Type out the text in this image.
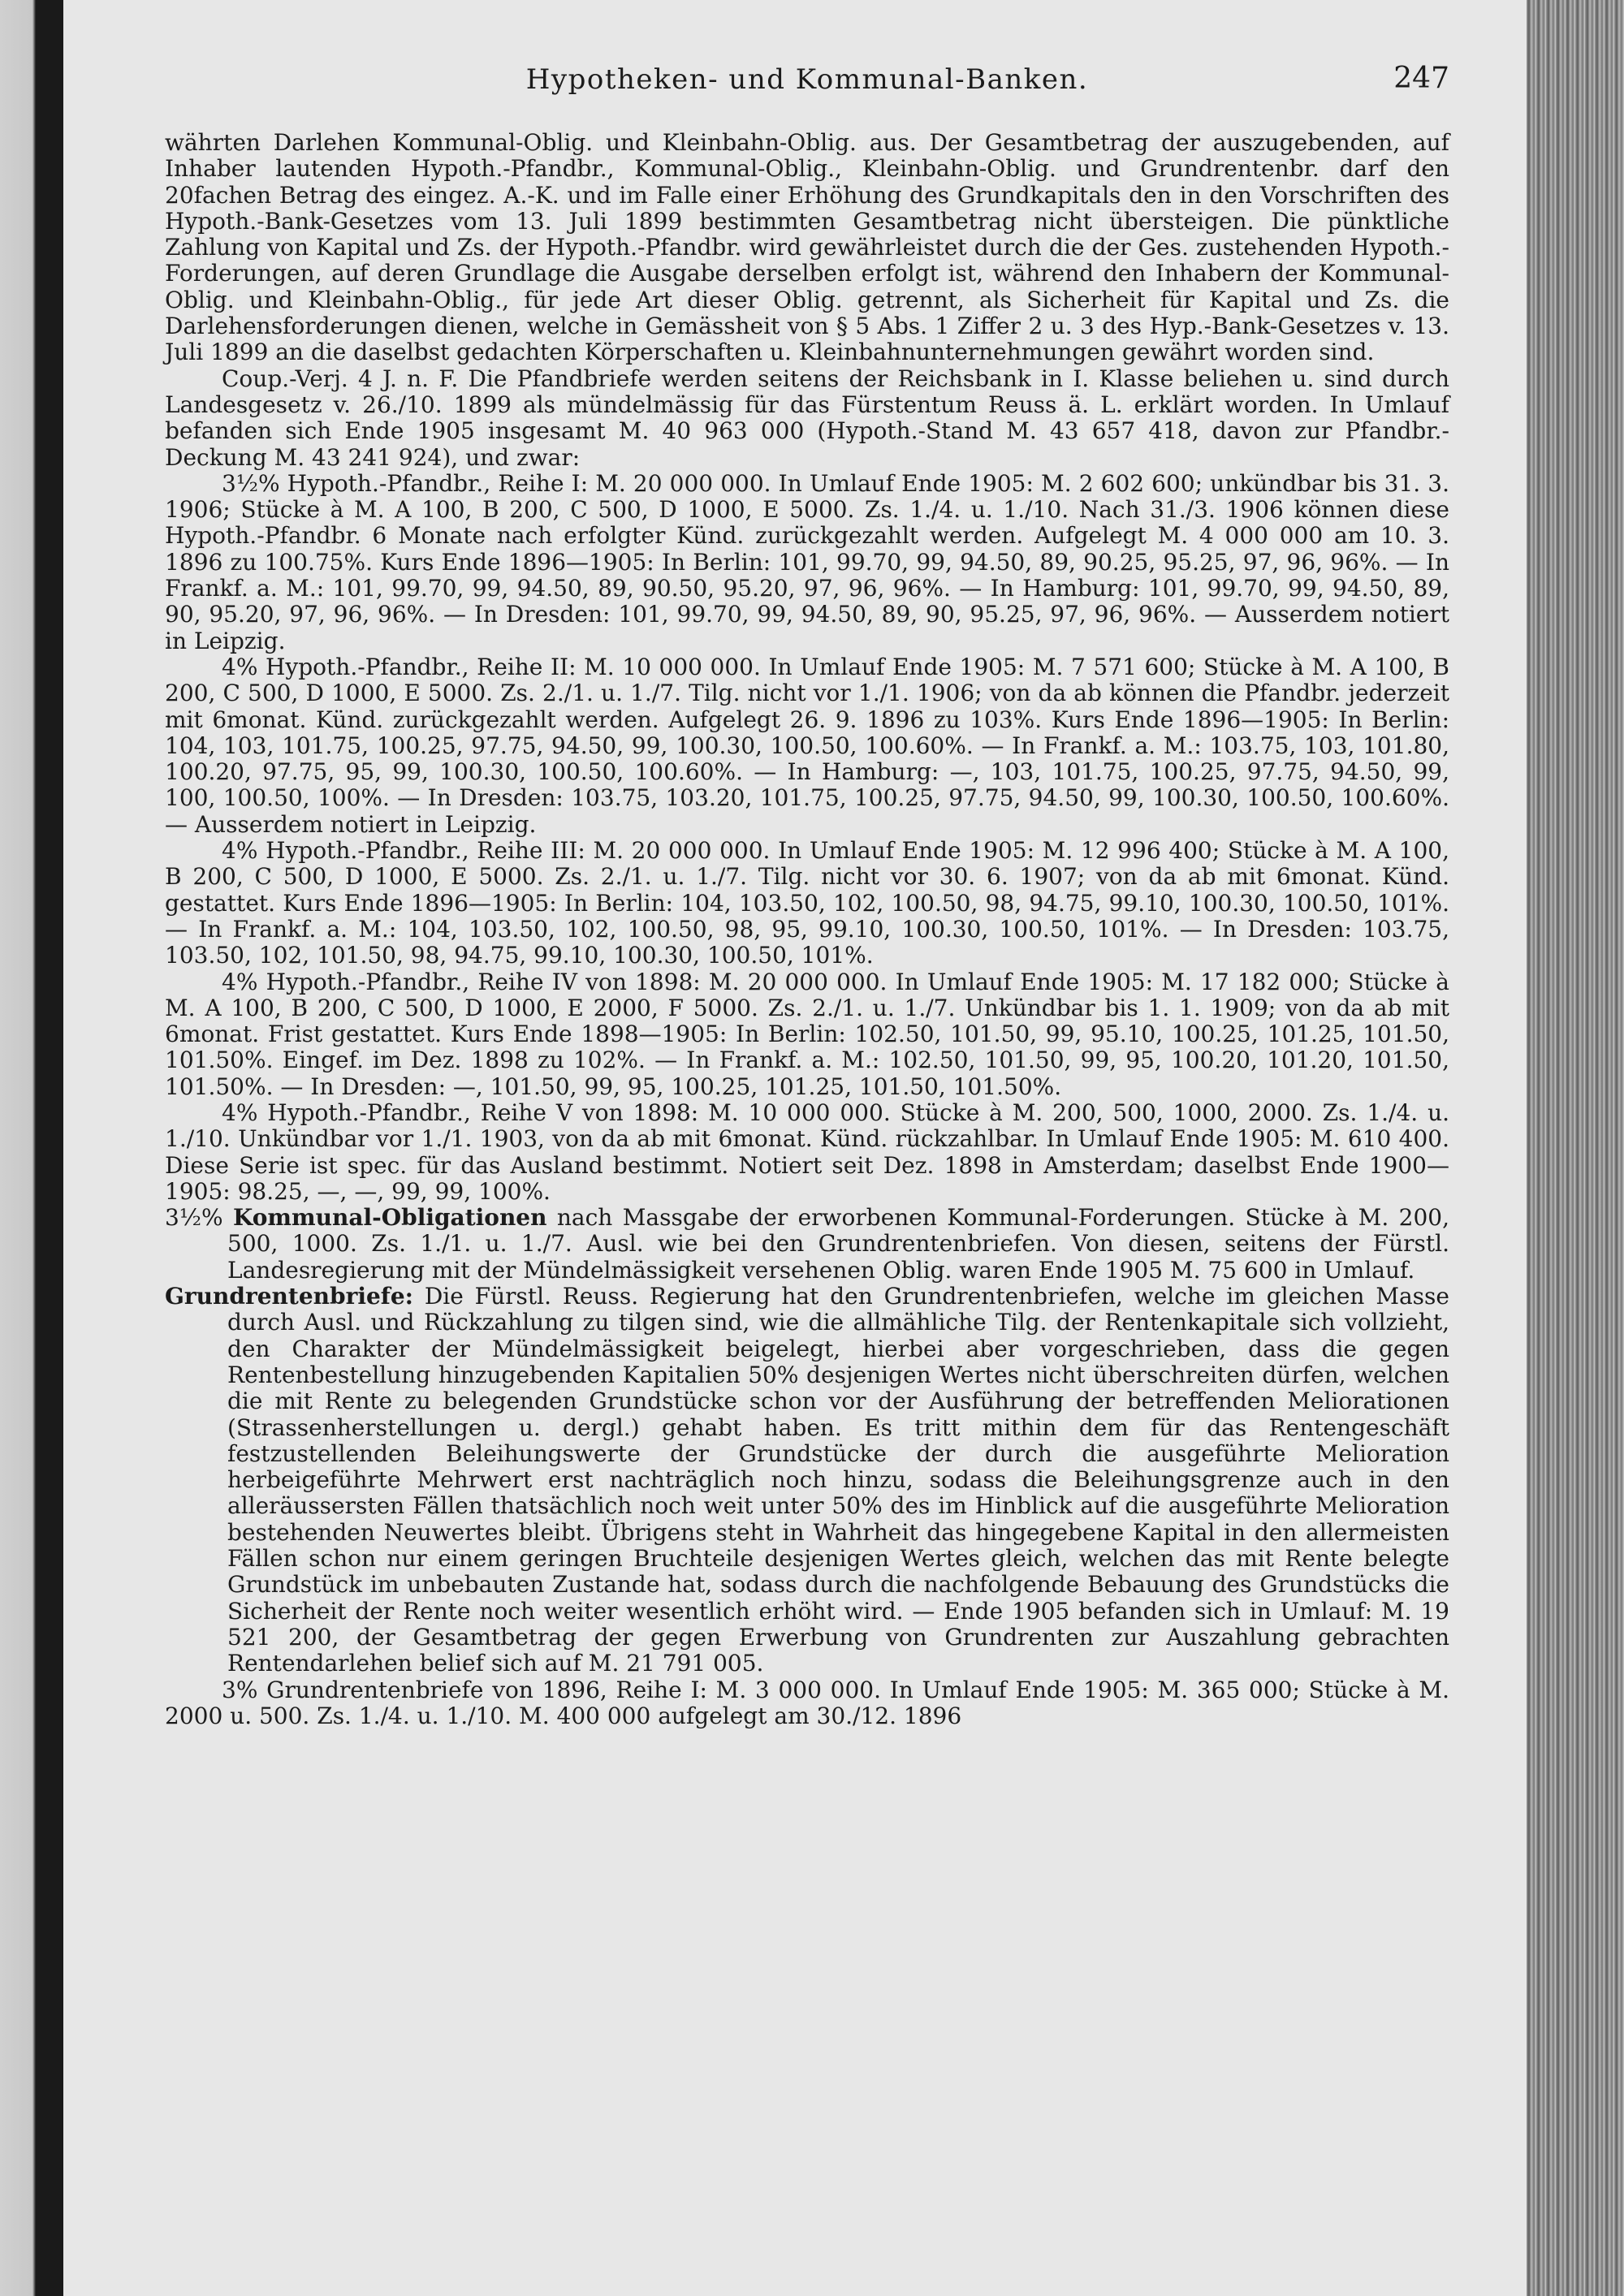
Hypotheken- und Kommunal-Banken.	247

währten Darlehen Kommunal-Oblig. und Kleinbahn-Oblig. aus. Der Gesamtbetrag der auszugebenden, auf Inhaber lautenden Hypoth.-Pfandbr., Kommunal-Oblig., Kleinbahn-Oblig. und Grundrentenbr. darf den 20fachen Betrag des eingez. A.-K. und im Falle einer Erhöhung des Grundkapitals den in den Vorschriften des Hypoth.-Bank-Gesetzes vom 13. Juli 1899 bestimmten Gesamtbetrag nicht übersteigen. Die pünktliche Zahlung von Kapital und Zs. der Hypoth.-Pfandbr. wird gewährleistet durch die der Ges. zustehenden Hypoth.-Forderungen, auf deren Grundlage die Ausgabe derselben erfolgt ist, während den Inhabern der Kommunal-Oblig. und Kleinbahn-Oblig., für jede Art dieser Oblig. getrennt, als Sicherheit für Kapital und Zs. die Darlehensforderungen dienen, welche in Gemässheit von § 5 Abs. 1 Ziffer 2 u. 3 des Hyp.-Bank-Gesetzes v. 13. Juli 1899 an die daselbst gedachten Körperschaften u. Kleinbahnunternehmungen gewährt worden sind.

Coup.-Verj. 4 J. n. F. Die Pfandbriefe werden seitens der Reichsbank in I. Klasse beliehen u. sind durch Landesgesetz v. 26./10. 1899 als mündelmässig für das Fürstentum Reuss ä. L. erklärt worden. In Umlauf befanden sich Ende 1905 insgesamt M. 40 963 000 (Hypoth.-Stand M. 43 657 418, davon zur Pfandbr.-Deckung M. 43 241 924), und zwar:

3½% Hypoth.-Pfandbr., Reihe I: M. 20 000 000. In Umlauf Ende 1905: M. 2 602 600; unkündbar bis 31. 3. 1906; Stücke à M. A 100, B 200, C 500, D 1000, E 5000. Zs. 1./4. u. 1./10. Nach 31./3. 1906 können diese Hypoth.-Pfandbr. 6 Monate nach erfolgter Künd. zurückgezahlt werden. Aufgelegt M. 4 000 000 am 10. 3. 1896 zu 100.75%. Kurs Ende 1896—1905: In Berlin: 101, 99.70, 99, 94.50, 89, 90.25, 95.25, 97, 96, 96%. — In Frankf. a. M.: 101, 99.70, 99, 94.50, 89, 90.50, 95.20, 97, 96, 96%. — In Hamburg: 101, 99.70, 99, 94.50, 89, 90, 95.20, 97, 96, 96%. — In Dresden: 101, 99.70, 99, 94.50, 89, 90, 95.25, 97, 96, 96%. — Ausserdem notiert in Leipzig.

4% Hypoth.-Pfandbr., Reihe II: M. 10 000 000. In Umlauf Ende 1905: M. 7 571 600; Stücke à M. A 100, B 200, C 500, D 1000, E 5000. Zs. 2./1. u. 1./7. Tilg. nicht vor 1./1. 1906; von da ab können die Pfandbr. jederzeit mit 6monat. Künd. zurückgezahlt werden. Aufgelegt 26. 9. 1896 zu 103%. Kurs Ende 1896—1905: In Berlin: 104, 103, 101.75, 100.25, 97.75, 94.50, 99, 100.30, 100.50, 100.60%. — In Frankf. a. M.: 103.75, 103, 101.80, 100.20, 97.75, 95, 99, 100.30, 100.50, 100.60%. — In Hamburg: —, 103, 101.75, 100.25, 97.75, 94.50, 99, 100, 100.50, 100%. — In Dresden: 103.75, 103.20, 101.75, 100.25, 97.75, 94.50, 99, 100.30, 100.50, 100.60%. — Ausserdem notiert in Leipzig.

4% Hypoth.-Pfandbr., Reihe III: M. 20 000 000. In Umlauf Ende 1905: M. 12 996 400; Stücke à M. A 100, B 200, C 500, D 1000, E 5000. Zs. 2./1. u. 1./7. Tilg. nicht vor 30. 6. 1907; von da ab mit 6monat. Künd. gestattet. Kurs Ende 1896—1905: In Berlin: 104, 103.50, 102, 100.50, 98, 94.75, 99.10, 100.30, 100.50, 101%. — In Frankf. a. M.: 104, 103.50, 102, 100.50, 98, 95, 99.10, 100.30, 100.50, 101%. — In Dresden: 103.75, 103.50, 102, 101.50, 98, 94.75, 99.10, 100.30, 100.50, 101%.

4% Hypoth.-Pfandbr., Reihe IV von 1898: M. 20 000 000. In Umlauf Ende 1905: M. 17 182 000; Stücke à M. A 100, B 200, C 500, D 1000, E 2000, F 5000. Zs. 2./1. u. 1./7. Unkündbar bis 1. 1. 1909; von da ab mit 6monat. Frist gestattet. Kurs Ende 1898—1905: In Berlin: 102.50, 101.50, 99, 95.10, 100.25, 101.25, 101.50, 101.50%. Eingef. im Dez. 1898 zu 102%. — In Frankf. a. M.: 102.50, 101.50, 99, 95, 100.20, 101.20, 101.50, 101.50%. — In Dresden: —, 101.50, 99, 95, 100.25, 101.25, 101.50, 101.50%.

4% Hypoth.-Pfandbr., Reihe V von 1898: M. 10 000 000. Stücke à M. 200, 500, 1000, 2000. Zs. 1./4. u. 1./10. Unkündbar vor 1./1. 1903, von da ab mit 6monat. Künd. rückzahlbar. In Umlauf Ende 1905: M. 610 400. Diese Serie ist spec. für das Ausland bestimmt. Notiert seit Dez. 1898 in Amsterdam; daselbst Ende 1900—1905: 98.25, —, —, 99, 99, 100%.

3½% Kommunal-Obligationen nach Massgabe der erworbenen Kommunal-Forderungen. Stücke à M. 200, 500, 1000. Zs. 1./1. u. 1./7. Ausl. wie bei den Grundrentenbriefen. Von diesen, seitens der Fürstl. Landesregierung mit der Mündelmässigkeit versehenen Oblig. waren Ende 1905 M. 75 600 in Umlauf.

Grundrentenbriefe: Die Fürstl. Reuss. Regierung hat den Grundrentenbriefen, welche im gleichen Masse durch Ausl. und Rückzahlung zu tilgen sind, wie die allmähliche Tilg. der Rentenkapitale sich vollzieht, den Charakter der Mündelmässigkeit beigelegt, hierbei aber vorgeschrieben, dass die gegen Rentenbestellung hinzugebenden Kapitalien 50% desjenigen Wertes nicht überschreiten dürfen, welchen die mit Rente zu belegenden Grundstücke schon vor der Ausführung der betreffenden Meliorationen (Strassenherstellungen u. dergl.) gehabt haben. Es tritt mithin dem für das Rentengeschäft festzustellenden Beleihungswerte der Grundstücke der durch die ausgeführte Melioration herbeigeführte Mehrwert erst nachträglich noch hinzu, sodass die Beleihungsgrenze auch in den alleräussersten Fällen thatsächlich noch weit unter 50% des im Hinblick auf die ausgeführte Melioration bestehenden Neuwertes bleibt. Übrigens steht in Wahrheit das hingegebene Kapital in den allermeisten Fällen schon nur einem geringen Bruchteile desjenigen Wertes gleich, welchen das mit Rente belegte Grundstück im unbebauten Zustande hat, sodass durch die nachfolgende Bebauung des Grundstücks die Sicherheit der Rente noch weiter wesentlich erhöht wird. — Ende 1905 befanden sich in Umlauf: M. 19 521 200, der Gesamtbetrag der gegen Erwerbung von Grundrenten zur Auszahlung gebrachten Rentendarlehen belief sich auf M. 21 791 005.

3% Grundrentenbriefe von 1896, Reihe I: M. 3 000 000. In Umlauf Ende 1905: M. 365 000; Stücke à M. 2000 u. 500. Zs. 1./4. u. 1./10. M. 400 000 aufgelegt am 30./12. 1896
